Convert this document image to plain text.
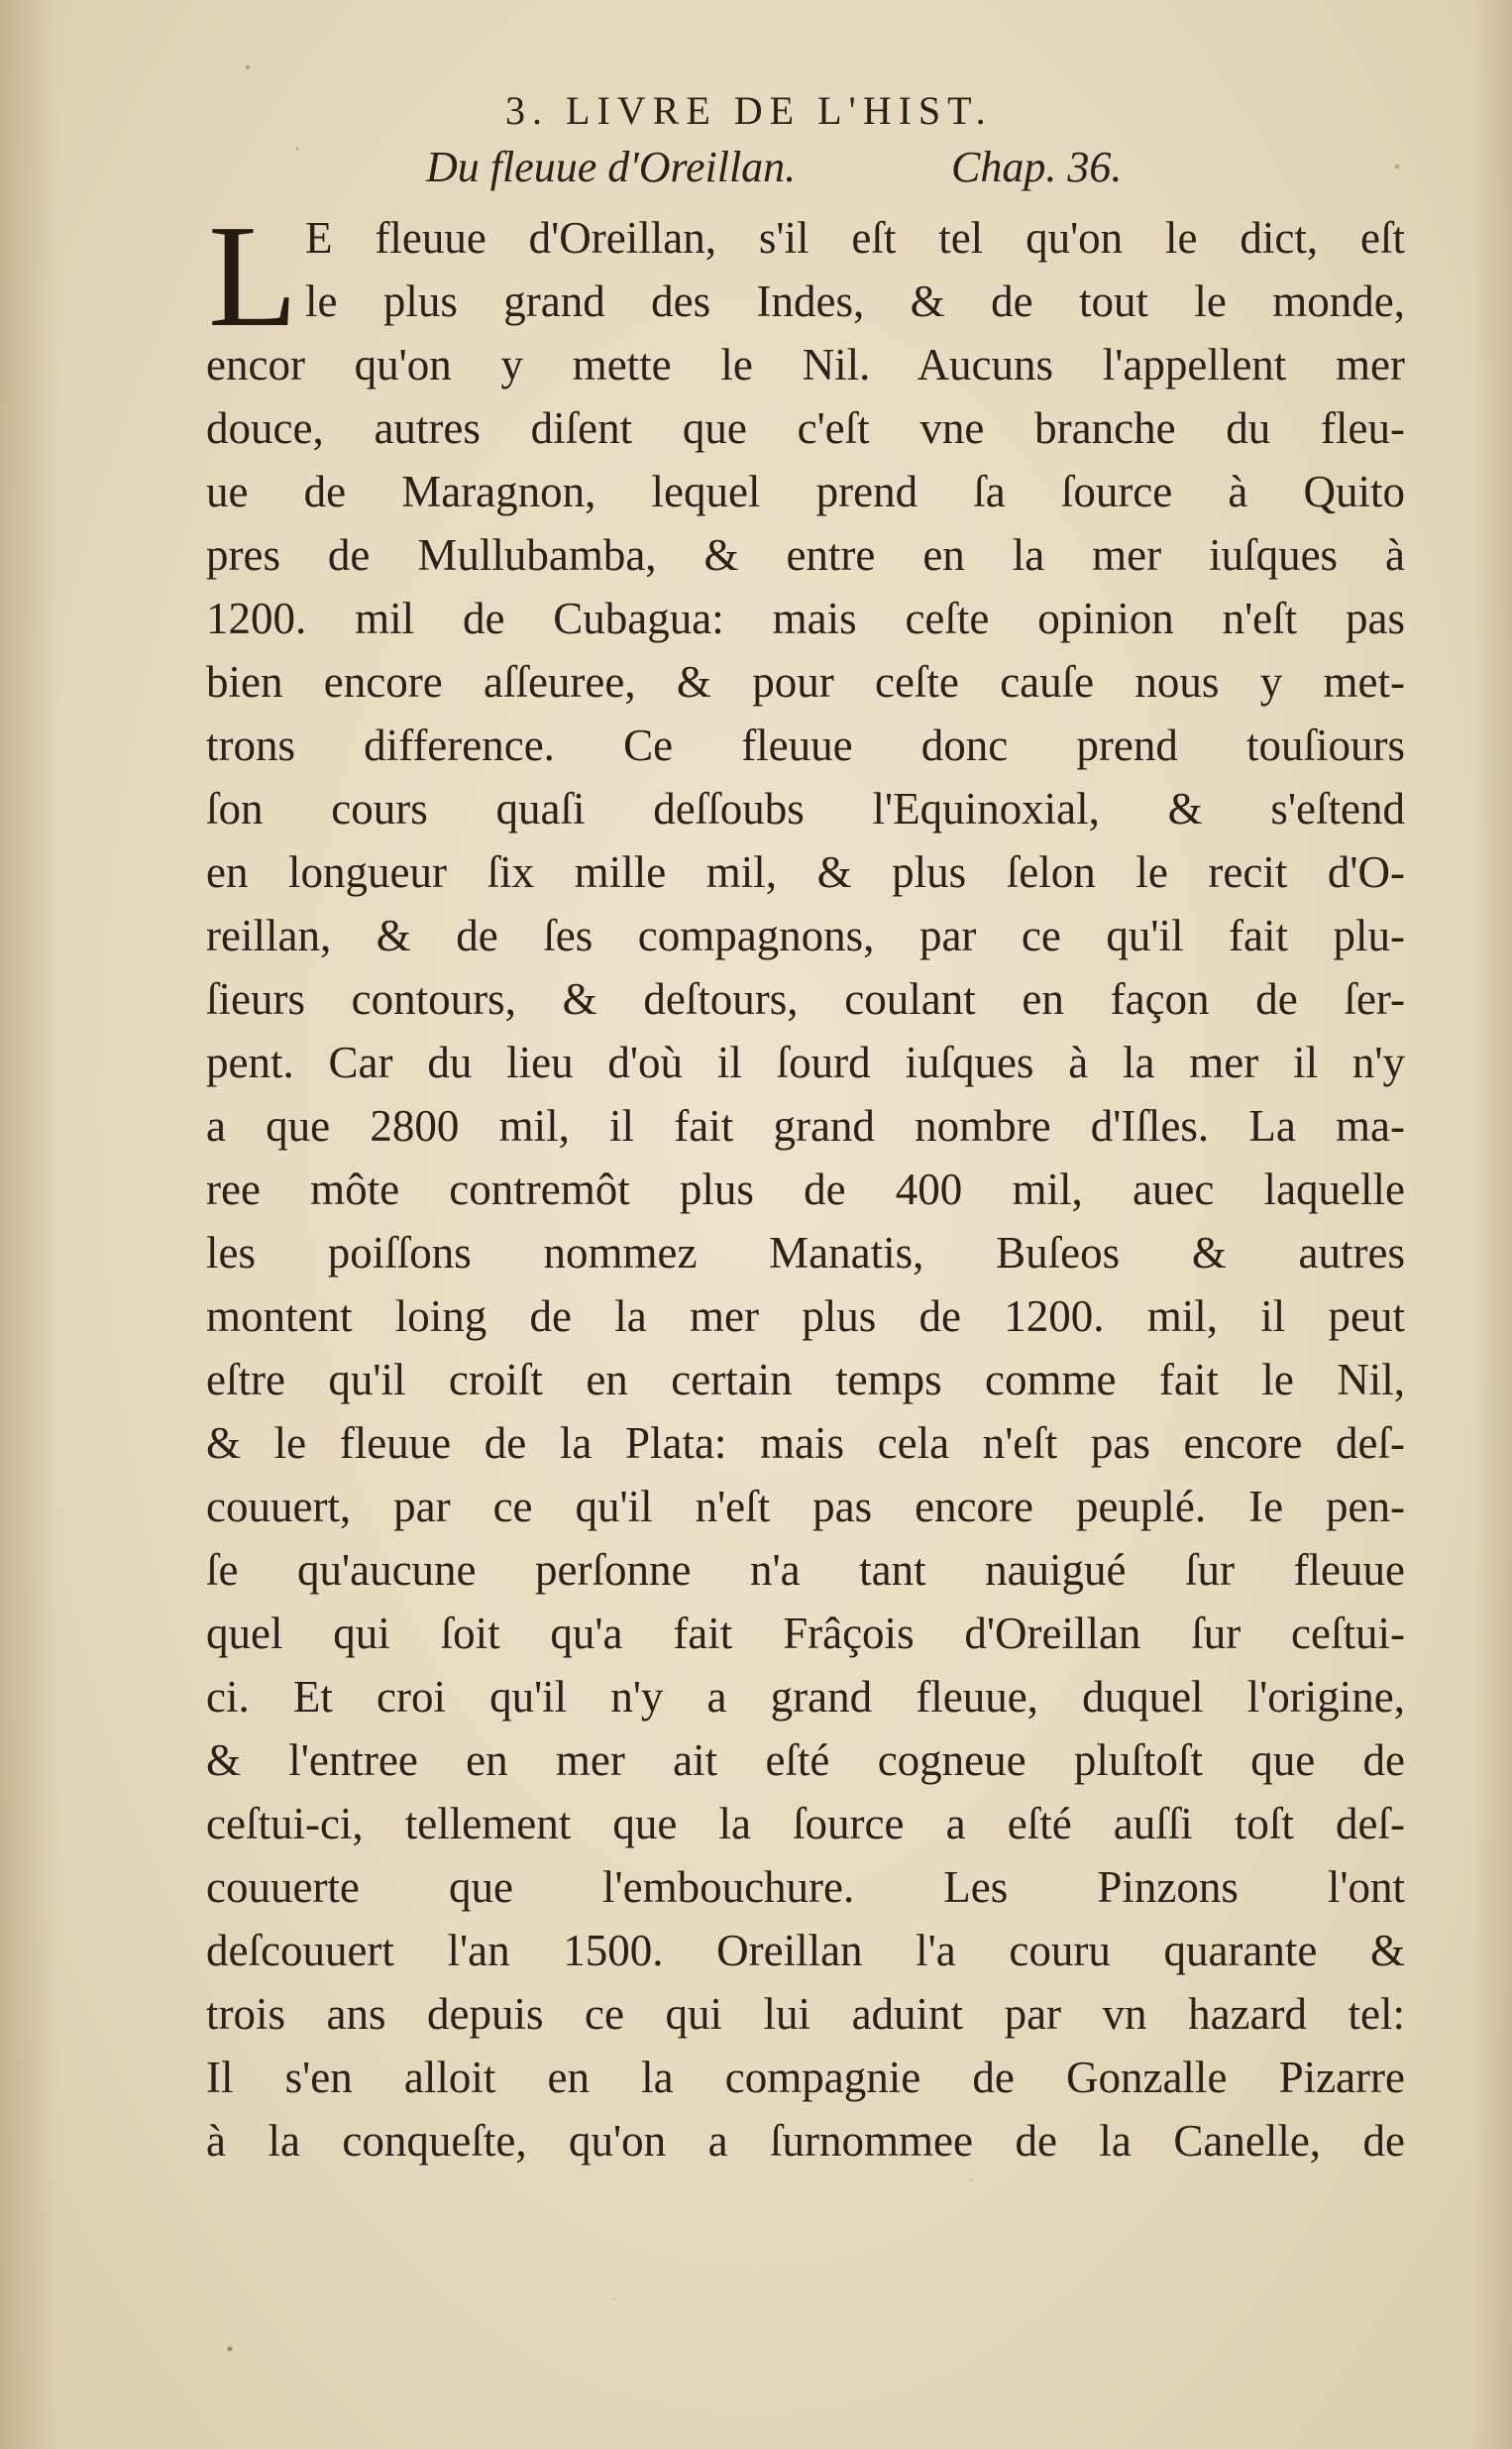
3. LIVRE DE L'HIST.
Du fleuue d'Oreillan.	Chap. 36.
L E fleuue d'Oreillan, s'il eſt tel qu'on le dict, eſt
le plus grand des Indes, & de tout le monde,
encor qu'on y mette le Nil. Aucuns l'appellent mer
douce, autres diſent que c'eſt vne branche du fleu-
ue de Maragnon, lequel prend ſa ſource à Quito
pres de Mullubamba, & entre en la mer iuſques à
1200. mil de Cubagua: mais ceſte opinion n'eſt pas
bien encore aſſeuree, & pour ceſte cauſe nous y met-
trons difference. Ce fleuue donc prend touſiours
ſon cours quaſi deſſoubs l'Equinoxial, & s'eſtend
en longueur ſix mille mil, & plus ſelon le recit d'O-
reillan, & de ſes compagnons, par ce qu'il fait plu-
ſieurs contours, & deſtours, coulant en façon de ſer-
pent. Car du lieu d'où il ſourd iuſques à la mer il n'y
a que 2800 mil, il fait grand nombre d'Iſles. La ma-
ree môte contremôt plus de 400 mil, auec laquelle
les poiſſons nommez Manatis, Buſeos & autres
montent loing de la mer plus de 1200. mil, il peut
eſtre qu'il croiſt en certain temps comme fait le Nil,
& le fleuue de la Plata: mais cela n'eſt pas encore deſ-
couuert, par ce qu'il n'eſt pas encore peuplé. Ie pen-
ſe qu'aucune perſonne n'a tant nauigué ſur fleuue
quel qui ſoit qu'a fait Frâçois d'Oreillan ſur ceſtui-
ci. Et croi qu'il n'y a grand fleuue, duquel l'origine,
& l'entree en mer ait eſté cogneue pluſtoſt que de
ceſtui-ci, tellement que la ſource a eſté auſſi toſt deſ-
couuerte que l'embouchure. Les Pinzons l'ont
deſcouuert l'an 1500. Oreillan l'a couru quarante &
trois ans depuis ce qui lui aduint par vn hazard tel:
Il s'en alloit en la compagnie de Gonzalle Pizarre
à la conqueſte, qu'on a ſurnommee de la Canelle, de
